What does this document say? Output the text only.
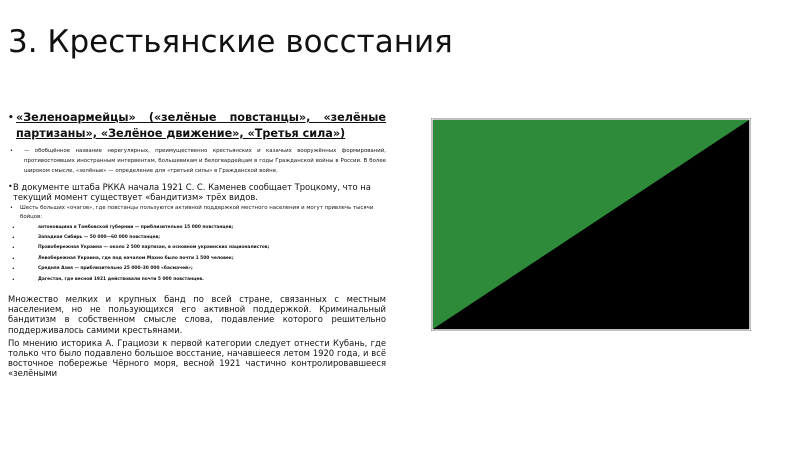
3. Крестьянские восстания

• «Зеленоармейцы» («зелёные повстанцы», «зелёные партизаны», «Зелёное движение», «Третья сила»)

•	— обобщённое название нерегулярных, преимущественно крестьянских и казачьих вооружённых формирований, противостоявших иностранным интервентам, большевикам и белогвардейцам в годы Гражданской войны в России. В более широком смысле, «зелёные» — определение для «третьей силы» в Гражданской войне.

• В документе штаба РККА начала 1921 С. С. Каменев сообщает Троцкому, что на текущий момент существует «бандитизм» трёх видов.

•	Шесть больших «очагов», где повстанцы пользуются активной поддержкой местного населения и могут привлечь тысячи бойцов:

•	антоновщина в Тамбовской губернии — приблизительно 15 000 повстанцев;
•	Западная Сибирь — 50 000—60 000 повстанцев;
•	Правобережная Украина — около 2 500 партизан, в основном украинских националистов;
•	Левобережная Украина, где под началом Махно было почти 1 500 человек;
•	Средняя Азия — приблизительно 25 000–30 000 «басмачей»;
•	Дагестан, где весной 1921 действовали почти 5 000 повстанцев.

Множество мелких и крупных банд по всей стране, связанных с местным населением, но не пользующихся его активной поддержкой. Криминальный бандитизм в собственном смысле слова, подавление которого решительно поддерживалось самими крестьянами.

По мнению историка А. Грациози к первой категории следует отнести Кубань, где только что было подавлено большое восстание, начавшееся летом 1920 года, и всё восточное побережье Чёрного моря, весной 1921 частично контролировавшееся «зелёными
